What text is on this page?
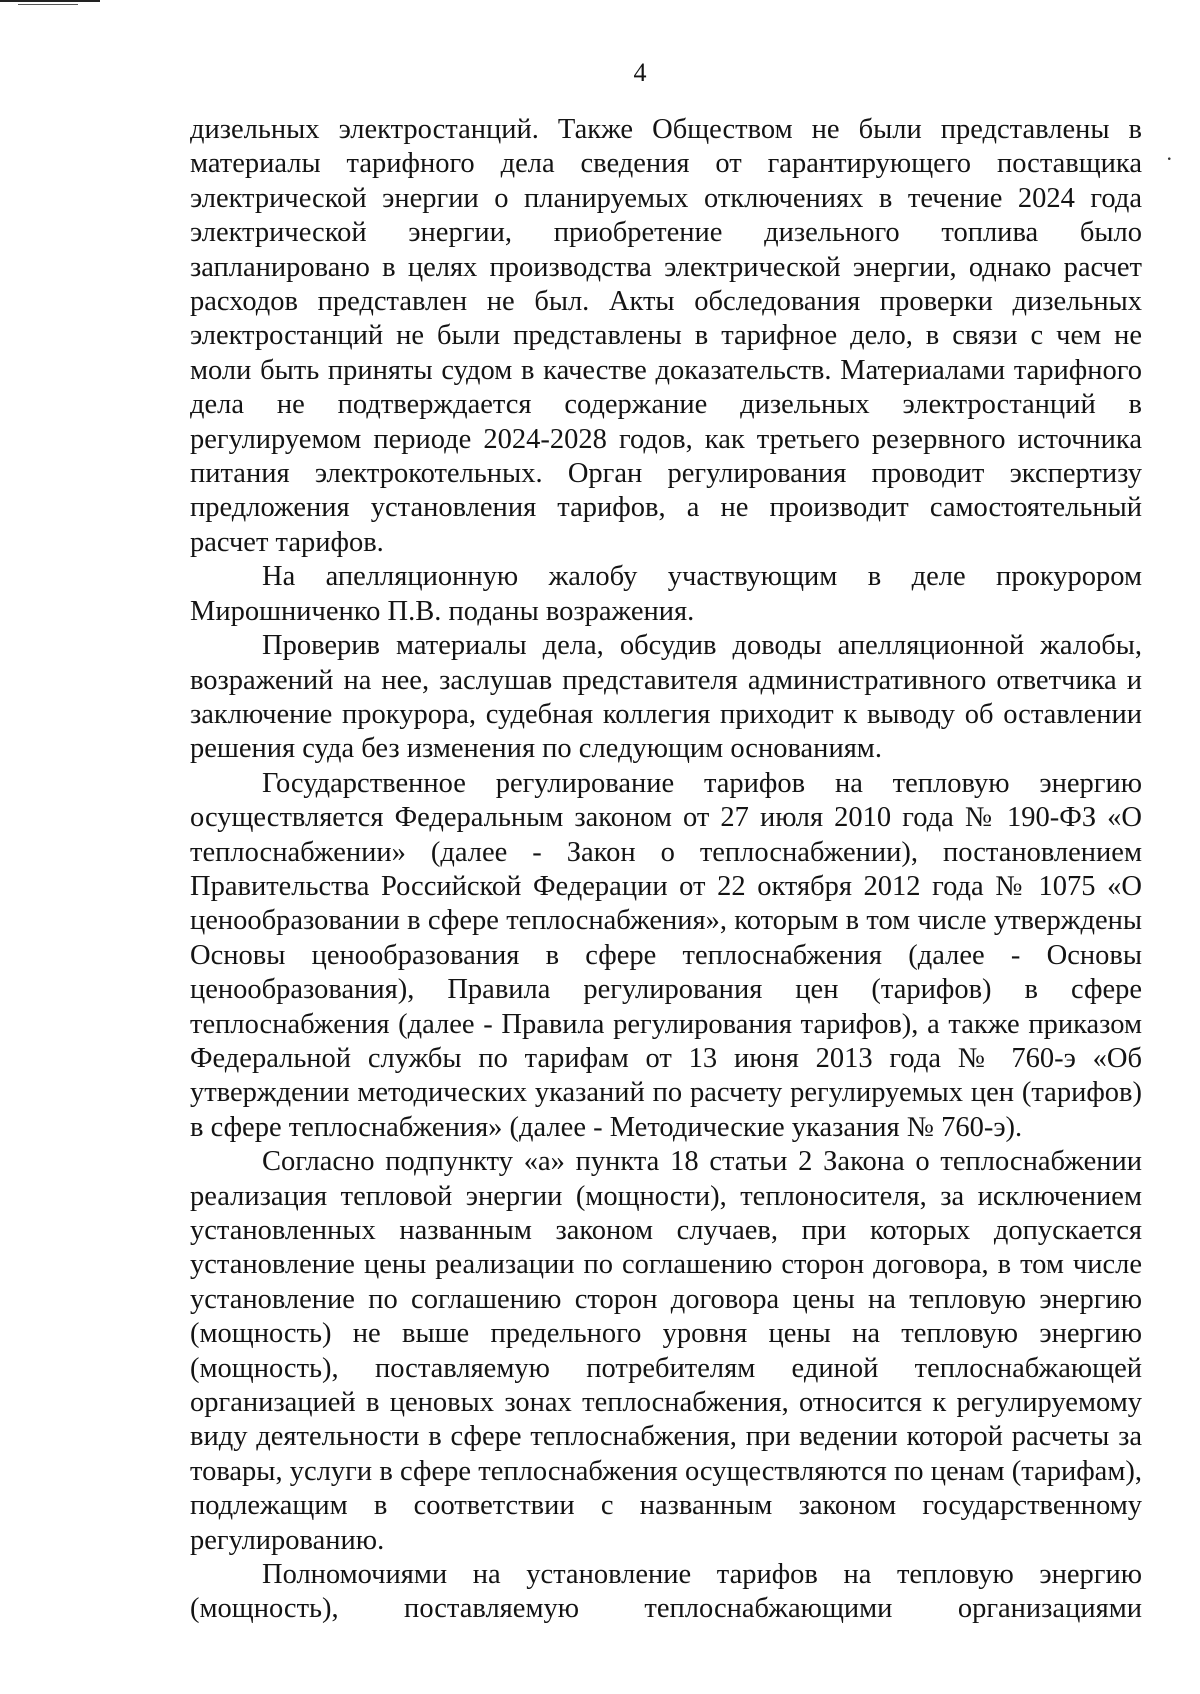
4
.

дизельных электростанций. Также Обществом не были представлены в материалы тарифного дела сведения от гарантирующего поставщика электрической энергии о планируемых отключениях в течение 2024 года электрической энергии, приобретение дизельного топлива было запланировано в целях производства электрической энергии, однако расчет расходов представлен не был. Акты обследования проверки дизельных электростанций не были представлены в тарифное дело, в связи с чем не моли быть приняты судом в качестве доказательств. Материалами тарифного дела не подтверждается содержание дизельных электростанций в регулируемом периоде 2024-2028 годов, как третьего резервного источника питания электрокотельных. Орган регулирования проводит экспертизу предложения установления тарифов, а не производит самостоятельный расчет тарифов.

На апелляционную жалобу участвующим в деле прокурором Мирошниченко П.В. поданы возражения.

Проверив материалы дела, обсудив доводы апелляционной жалобы, возражений на нее, заслушав представителя административного ответчика и заключение прокурора, судебная коллегия приходит к выводу об оставлении решения суда без изменения по следующим основаниям.

Государственное регулирование тарифов на тепловую энергию осуществляется Федеральным законом от 27 июля 2010 года № 190-ФЗ «О теплоснабжении» (далее - Закон о теплоснабжении), постановлением Правительства Российской Федерации от 22 октября 2012 года № 1075 «О ценообразовании в сфере теплоснабжения», которым в том числе утверждены Основы ценообразования в сфере теплоснабжения (далее - Основы ценообразования), Правила регулирования цен (тарифов) в сфере теплоснабжения (далее - Правила регулирования тарифов), а также приказом Федеральной службы по тарифам от 13 июня 2013 года № 760-э «Об утверждении методических указаний по расчету регулируемых цен (тарифов) в сфере теплоснабжения» (далее - Методические указания № 760-э).

Согласно подпункту «а» пункта 18 статьи 2 Закона о теплоснабжении реализация тепловой энергии (мощности), теплоносителя, за исключением установленных названным законом случаев, при которых допускается установление цены реализации по соглашению сторон договора, в том числе установление по соглашению сторон договора цены на тепловую энергию (мощность) не выше предельного уровня цены на тепловую энергию (мощность), поставляемую потребителям единой теплоснабжающей организацией в ценовых зонах теплоснабжения, относится к регулируемому виду деятельности в сфере теплоснабжения, при ведении которой расчеты за товары, услуги в сфере теплоснабжения осуществляются по ценам (тарифам), подлежащим в соответствии с названным законом государственному регулированию.

Полномочиями на установление тарифов на тепловую энергию (мощность), поставляемую теплоснабжающими организациями
